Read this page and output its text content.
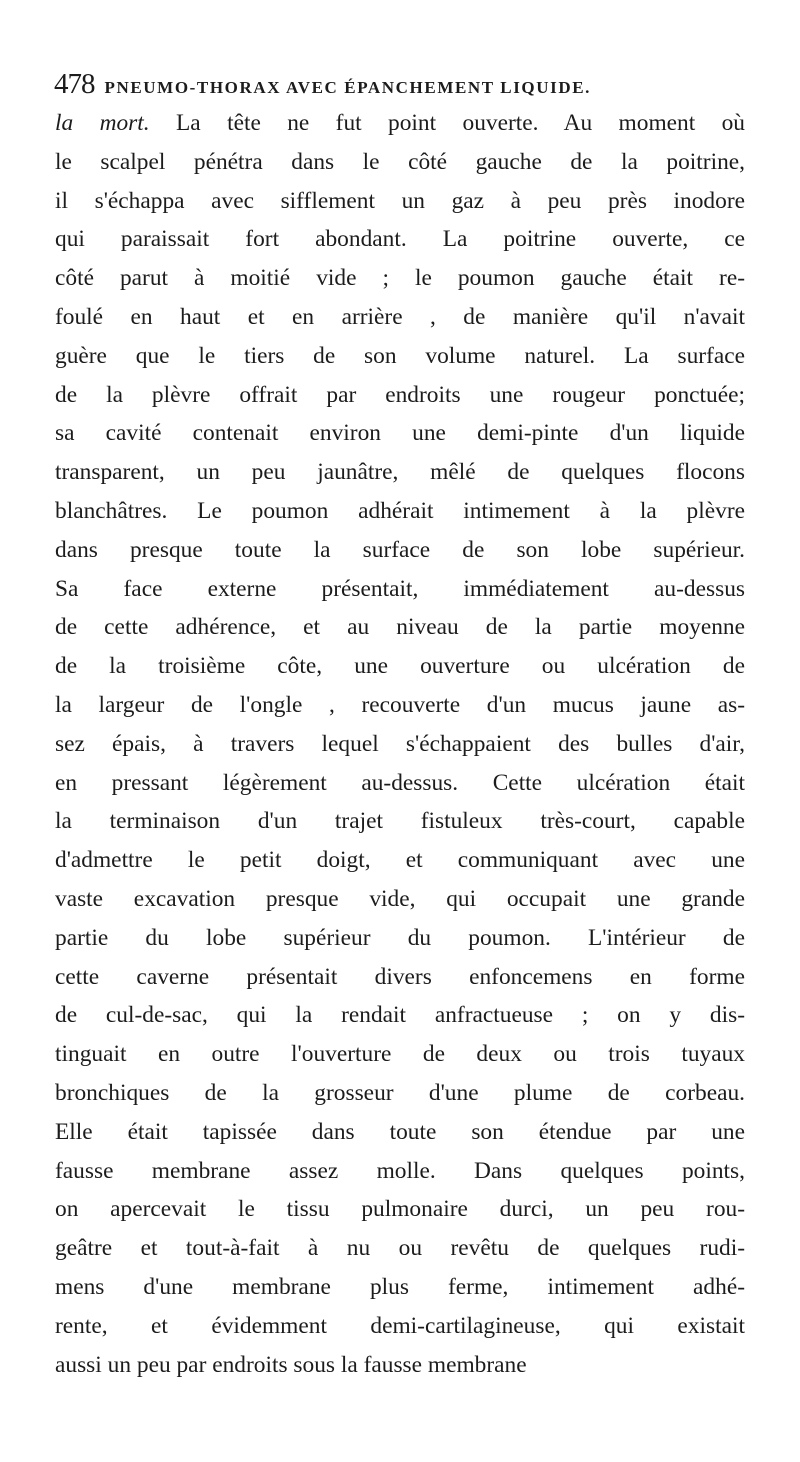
478 PNEUMO-THORAX AVEC ÉPANCHEMENT LIQUIDE.
la mort. La tête ne fut point ouverte. Au moment où
le scalpel pénétra dans le côté gauche de la poitrine,
il s'échappa avec sifflement un gaz à peu près inodore
qui paraissait fort abondant. La poitrine ouverte, ce
côté parut à moitié vide ; le poumon gauche était re-
foulé en haut et en arrière , de manière qu'il n'avait
guère que le tiers de son volume naturel. La surface
de la plèvre offrait par endroits une rougeur ponctuée;
sa cavité contenait environ une demi-pinte d'un liquide
transparent, un peu jaunâtre, mêlé de quelques flocons
blanchâtres. Le poumon adhérait intimement à la plèvre
dans presque toute la surface de son lobe supérieur.
Sa face externe présentait, immédiatement au-dessus
de cette adhérence, et au niveau de la partie moyenne
de la troisième côte, une ouverture ou ulcération de
la largeur de l'ongle , recouverte d'un mucus jaune as-
sez épais, à travers lequel s'échappaient des bulles d'air,
en pressant légèrement au-dessus. Cette ulcération était
la terminaison d'un trajet fistuleux très-court, capable
d'admettre le petit doigt, et communiquant avec une
vaste excavation presque vide, qui occupait une grande
partie du lobe supérieur du poumon. L'intérieur de
cette caverne présentait divers enfoncemens en forme
de cul-de-sac, qui la rendait anfractueuse ; on y dis-
tinguait en outre l'ouverture de deux ou trois tuyaux
bronchiques de la grosseur d'une plume de corbeau.
Elle était tapissée dans toute son étendue par une
fausse membrane assez molle. Dans quelques points,
on apercevait le tissu pulmonaire durci, un peu rou-
geâtre et tout-à-fait à nu ou revêtu de quelques rudi-
mens d'une membrane plus ferme, intimement adhé-
rente, et évidemment demi-cartilagineuse, qui existait
aussi un peu par endroits sous la fausse membrane
